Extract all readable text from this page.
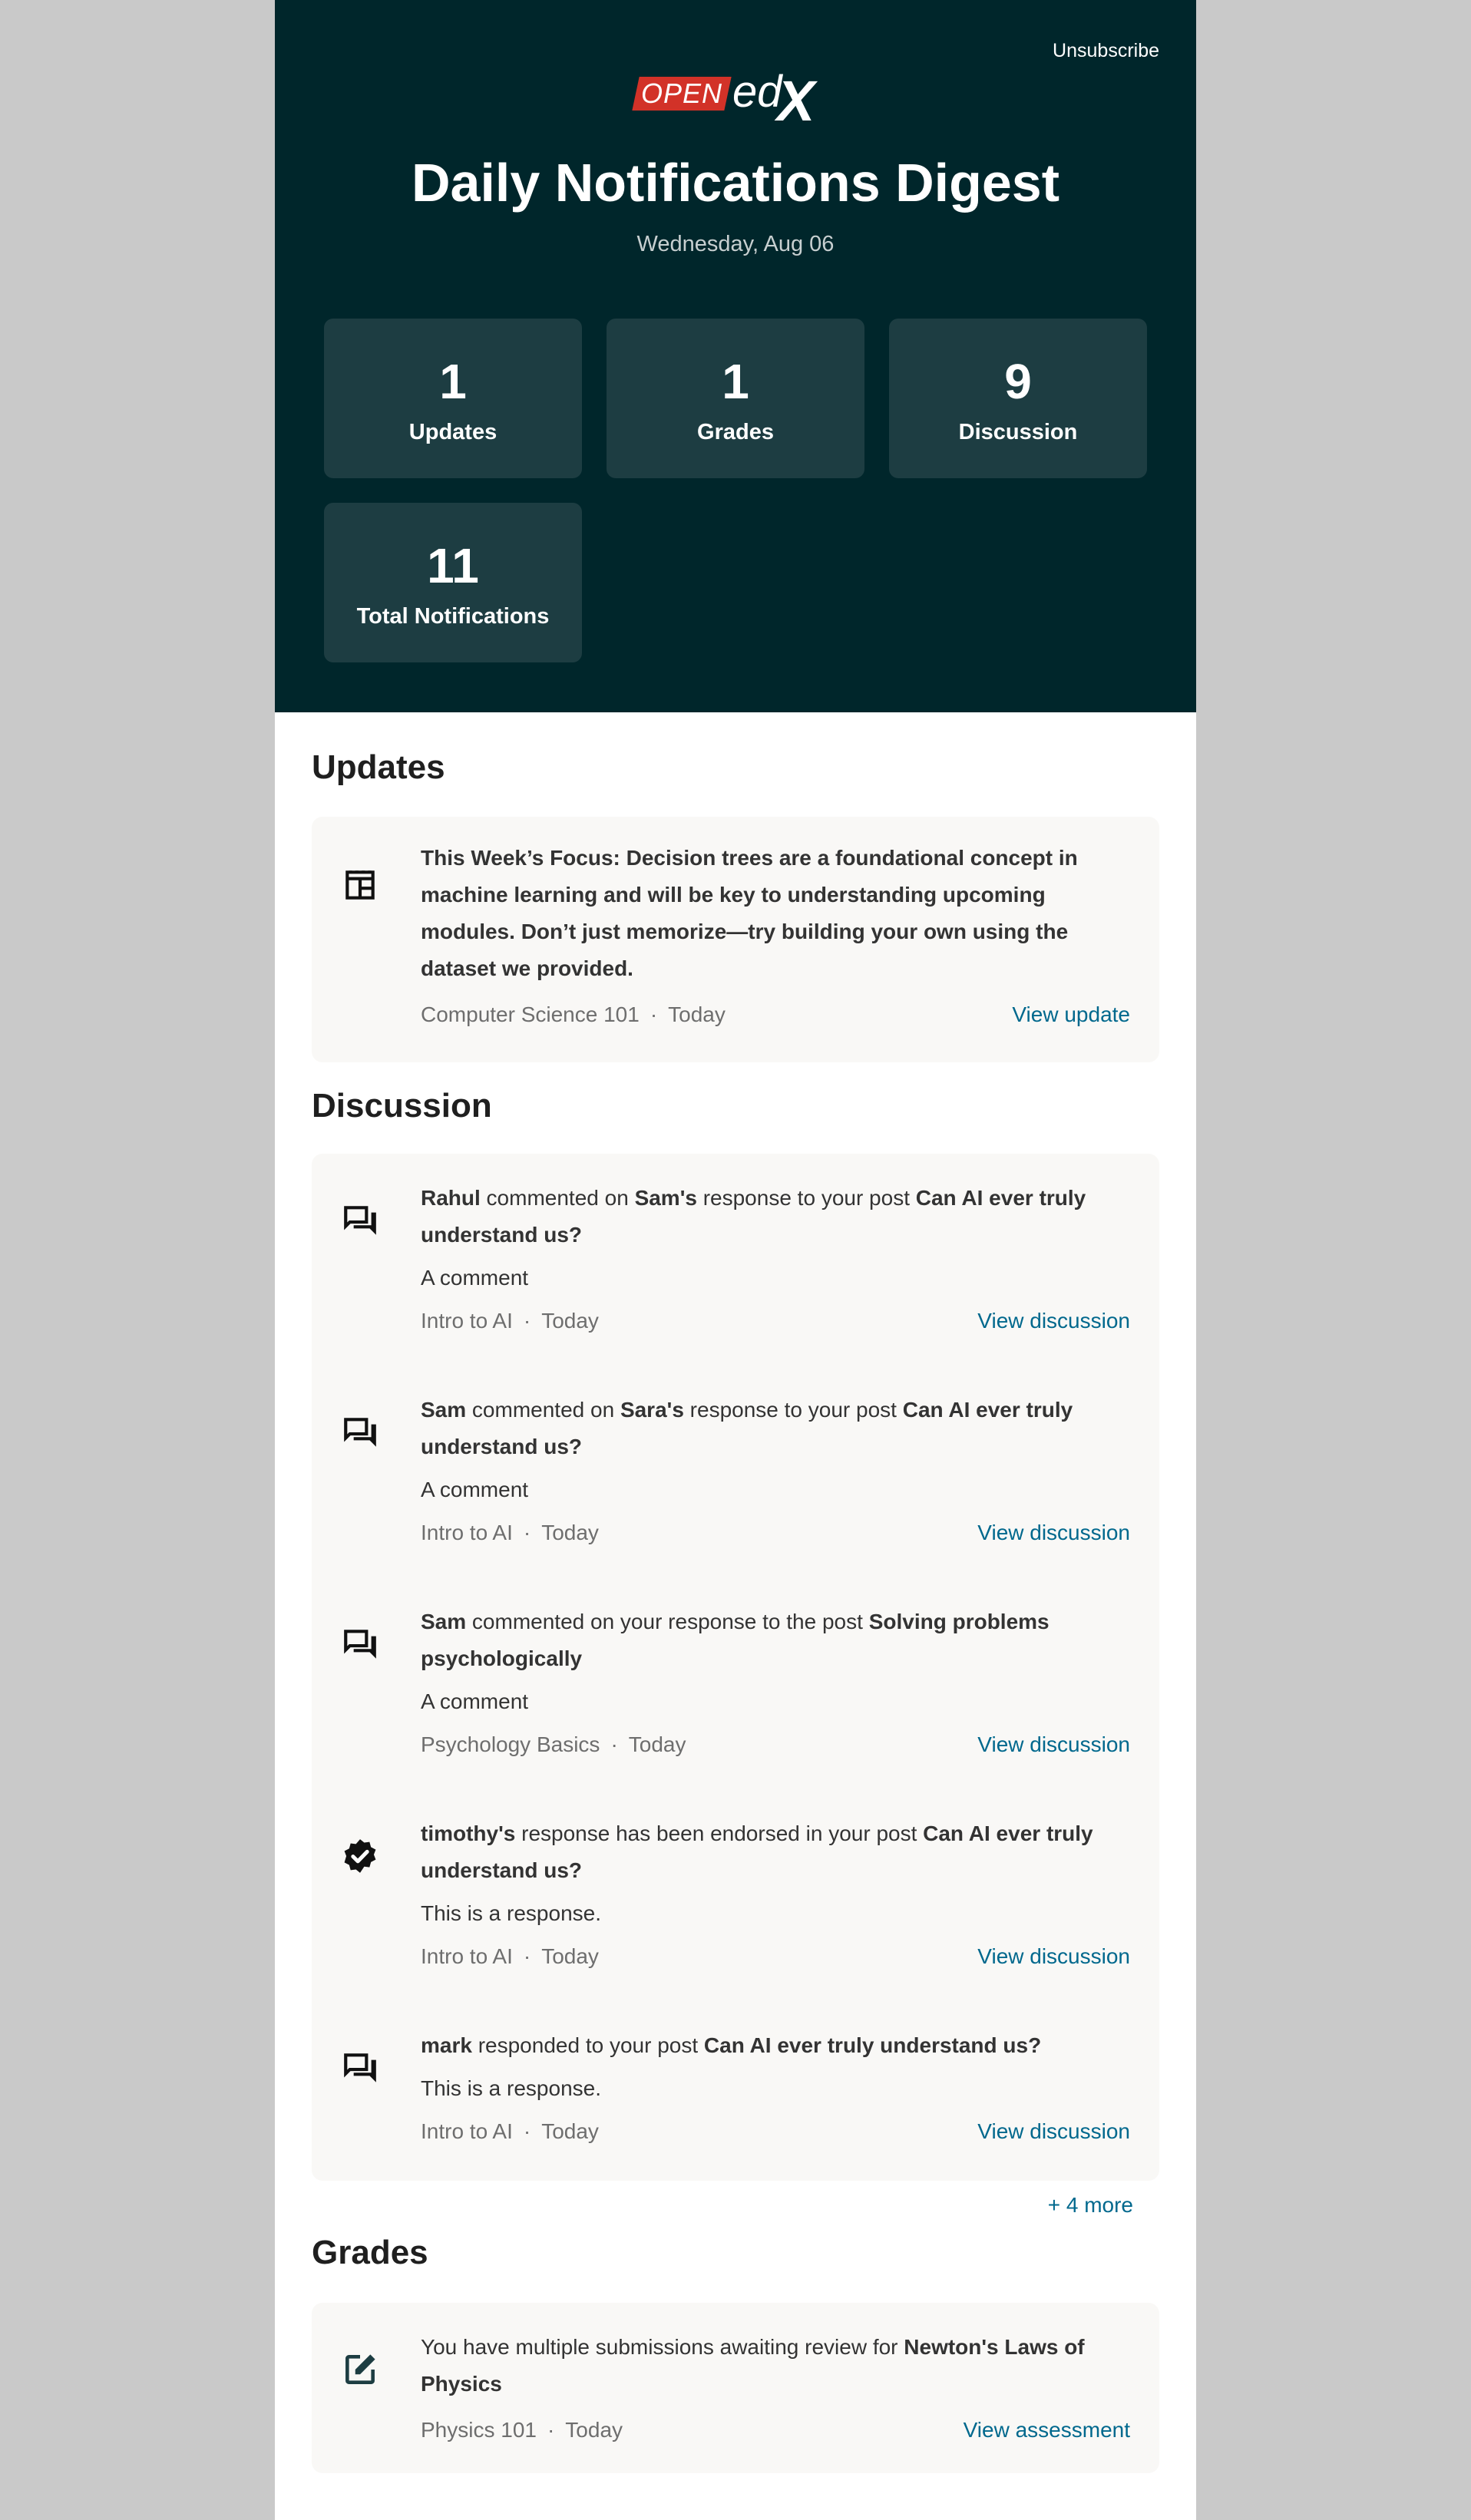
Unsubscribe
OPEN ed
X
Daily Notifications Digest
Wednesday, Aug 06
1
Updates
1
Grades
9
Discussion
11
Total Notifications
Updates
This Week’s Focus: Decision trees are a foundational concept in machine learning and will be key to understanding upcoming modules. Don’t just memorize—try building your own using the dataset we provided.
Computer Science 101 · Today	View update
Discussion
Rahul commented on Sam's response to your post Can AI ever truly understand us?
A comment
Intro to AI · Today	View discussion
Sam commented on Sara's response to your post Can AI ever truly understand us?
A comment
Intro to AI · Today	View discussion
Sam commented on your response to the post Solving problems psychologically
A comment
Psychology Basics · Today	View discussion
timothy's response has been endorsed in your post Can AI ever truly understand us?
This is a response.
Intro to AI · Today	View discussion
mark responded to your post Can AI ever truly understand us?
This is a response.
Intro to AI · Today	View discussion
+ 4 more
Grades
You have multiple submissions awaiting review for Newton's Laws of Physics
Physics 101 · Today	View assessment
